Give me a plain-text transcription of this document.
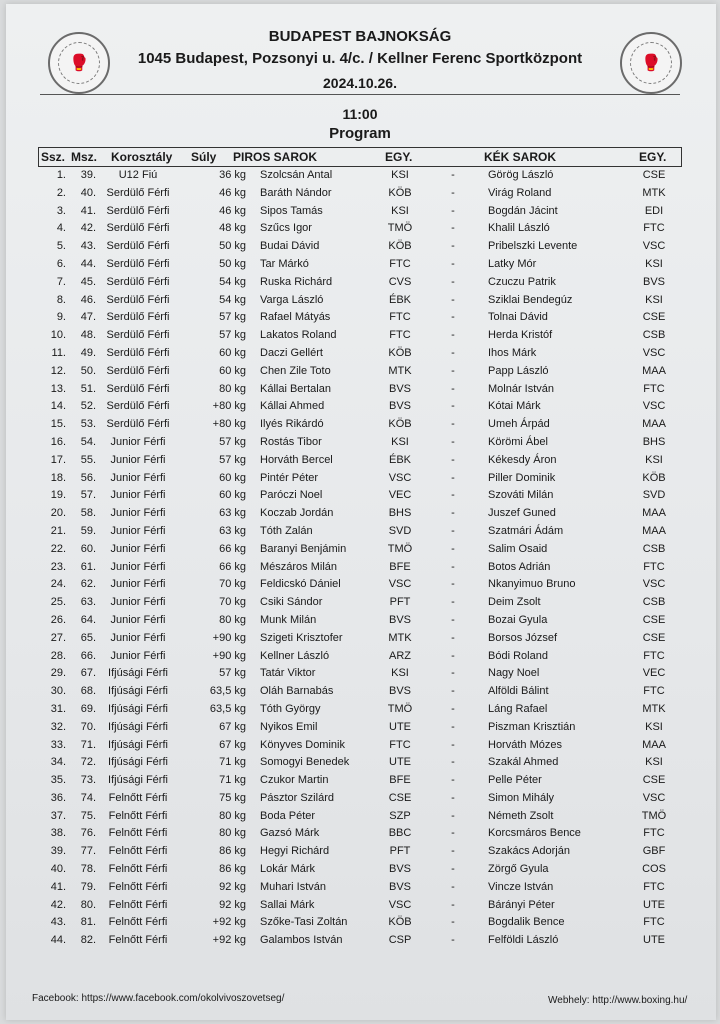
🥊	🥊
BUDAPEST BAJNOKSÁG
1045 Budapest, Pozsonyi u. 4/c. / Kellner Ferenc Sportközpont
2024.10.26.
11:00
Program
Ssz. Msz.	Korosztály	Súly	PIROS SAROK	EGY.	KÉK SAROK	EGY.
1.	39.	U12 Fiú	36 kg Szolcsán Antal	KSI	-	Görög László	CSE
2.	40. Serdülő Férfi	46 kg Baráth Nándor	KÖB	-	Virág Roland	MTK
3.	41. Serdülő Férfi	46 kg Sipos Tamás	KSI	-	Bogdán Jácint	EDI
4.	42. Serdülő Férfi	48 kg Szűcs Igor	TMÖ	-	Khalil László	FTC
5.	43. Serdülő Férfi	50 kg Budai Dávid	KÖB	-	Pribelszki Levente	VSC
6.	44. Serdülő Férfi	50 kg Tar Márkó	FTC	-	Latky Mór	KSI
7.	45. Serdülő Férfi	54 kg Ruska Richárd	CVS	-	Czuczu Patrik	BVS
8.	46. Serdülő Férfi	54 kg Varga László	ÉBK	-	Sziklai Bendegúz	KSI
9.	47. Serdülő Férfi	57 kg Rafael Mátyás	FTC	-	Tolnai Dávid	CSE
10.	48. Serdülő Férfi	57 kg Lakatos Roland	FTC	-	Herda Kristóf	CSB
11.	49. Serdülő Férfi	60 kg Daczi Gellért	KÖB	-	Ihos Márk	VSC
12.	50. Serdülő Férfi	60 kg Chen Zile Toto	MTK	-	Papp László	MAA
13.	51. Serdülő Férfi	80 kg Kállai Bertalan	BVS	-	Molnár István	FTC
14.	52. Serdülő Férfi	+80 kg Kállai Ahmed	BVS	-	Kótai Márk	VSC
15.	53. Serdülő Férfi	+80 kg Ilyés Rikárdó	KÖB	-	Umeh Árpád	MAA
16.	54.	Junior Férfi	57 kg Rostás Tibor	KSI	-	Körömi Ábel	BHS
17.	55.	Junior Férfi	57 kg Horváth Bercel	ÉBK	-	Kékesdy Áron	KSI
18.	56.	Junior Férfi	60 kg Pintér Péter	VSC	-	Piller Dominik	KÖB
19.	57.	Junior Férfi	60 kg Paróczi Noel	VEC	-	Szováti Milán	SVD
20.	58.	Junior Férfi	63 kg Koczab Jordán	BHS	-	Juszef Guned	MAA
21.	59.	Junior Férfi	63 kg Tóth Zalán	SVD	-	Szatmári Ádám	MAA
22.	60.	Junior Férfi	66 kg Baranyi Benjámin	TMÖ	-	Salim Osaid	CSB
23.	61.	Junior Férfi	66 kg Mészáros Milán	BFE	-	Botos Adrián	FTC
24.	62.	Junior Férfi	70 kg Feldicskó Dániel	VSC	-	Nkanyimuo Bruno	VSC
25.	63.	Junior Férfi	70 kg Csiki Sándor	PFT	-	Deim Zsolt	CSB
26.	64.	Junior Férfi	80 kg Munk Milán	BVS	-	Bozai Gyula	CSE
27.	65.	Junior Férfi	+90 kg Szigeti Krisztofer	MTK	-	Borsos József	CSE
28.	66.	Junior Férfi	+90 kg Kellner László	ARZ	-	Bódi Roland	FTC
29.	67.	Ifjúsági Férfi	57 kg Tatár Viktor	KSI	-	Nagy Noel	VEC
30.	68.	Ifjúsági Férfi	63,5 kg Oláh Barnabás	BVS	-	Alföldi Bálint	FTC
31.	69.	Ifjúsági Férfi	63,5 kg Tóth György	TMÖ	-	Láng Rafael	MTK
32.	70.	Ifjúsági Férfi	67 kg Nyikos Emil	UTE	-	Piszman Krisztián	KSI
33.	71.	Ifjúsági Férfi	67 kg Könyves Dominik	FTC	-	Horváth Mózes	MAA
34.	72.	Ifjúsági Férfi	71 kg Somogyi Benedek	UTE	-	Szakál Ahmed	KSI
35.	73.	Ifjúsági Férfi	71 kg Czukor Martin	BFE	-	Pelle Péter	CSE
36.	74.	Felnőtt Férfi	75 kg Pásztor Szilárd	CSE	-	Simon Mihály	VSC
37.	75.	Felnőtt Férfi	80 kg Boda Péter	SZP	-	Németh Zsolt	TMÖ
38.	76.	Felnőtt Férfi	80 kg Gazsó Márk	BBC	-	Korcsmáros Bence	FTC
39.	77.	Felnőtt Férfi	86 kg Hegyi Richárd	PFT	-	Szakács Adorján	GBF
40.	78.	Felnőtt Férfi	86 kg Lokár Márk	BVS	-	Zörgő Gyula	COS
41.	79.	Felnőtt Férfi	92 kg Muhari István	BVS	-	Vincze István	FTC
42.	80.	Felnőtt Férfi	92 kg Sallai Márk	VSC	-	Bárányi Péter	UTE
43.	81.	Felnőtt Férfi	+92 kg Szőke-Tasi Zoltán	KÖB	-	Bogdalik Bence	FTC
44.	82.	Felnőtt Férfi	+92 kg Galambos István	CSP	-	Felföldi László	UTE
Facebook: https://www.facebook.com/okolvivoszovetseg/	Webhely: http://www.boxing.hu/
